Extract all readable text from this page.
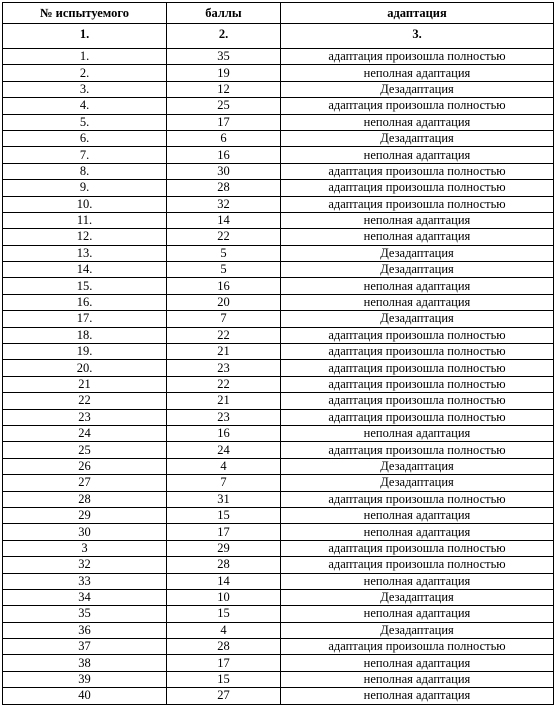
№ испытуемого	баллы	адаптация
1.	2.	3.
1.	35	адаптация произошла полностью
2.	19	неполная адаптация
3.	12	Дезадаптация
4.	25	адаптация произошла полностью
5.	17	неполная адаптация
6.	6	Дезадаптация
7.	16	неполная адаптация
8.	30	адаптация произошла полностью
9.	28	адаптация произошла полностью
10.	32	адаптация произошла полностью
11.	14	неполная адаптация
12.	22	неполная адаптация
13.	5	Дезадаптация
14.	5	Дезадаптация
15.	16	неполная адаптация
16.	20	неполная адаптация
17.	7	Дезадаптация
18.	22	адаптация произошла полностью
19.	21	адаптация произошла полностью
20.	23	адаптация произошла полностью
21	22	адаптация произошла полностью
22	21	адаптация произошла полностью
23	23	адаптация произошла полностью
24	16	неполная адаптация
25	24	адаптация произошла полностью
26	4	Дезадаптация
27	7	Дезадаптация
28	31	адаптация произошла полностью
29	15	неполная адаптация
30	17	неполная адаптация
3	29	адаптация произошла полностью
32	28	адаптация произошла полностью
33	14	неполная адаптация
34	10	Дезадаптация
35	15	неполная адаптация
36	4	Дезадаптация
37	28	адаптация произошла полностью
38	17	неполная адаптация
39	15	неполная адаптация
40	27	неполная адаптация
